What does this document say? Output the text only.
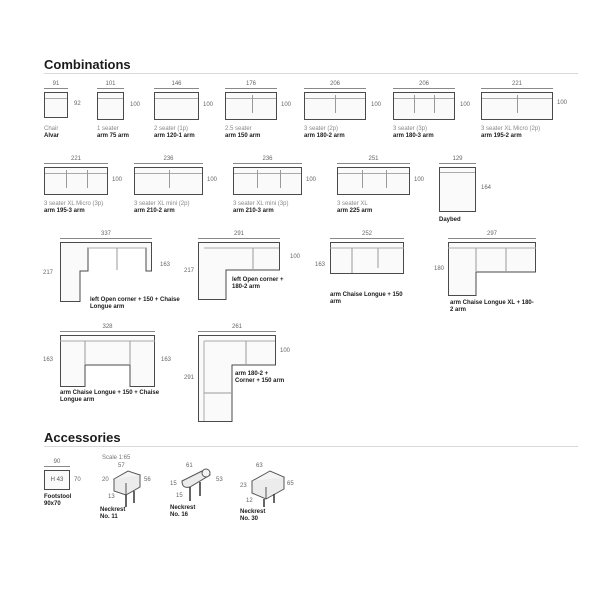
Combinations
91
92
Chair
Alvar
101
100
1 seater
arm 75 arm
146
100
2 seater (1p)
arm 120-1 arm
176
100
2.5 seater
arm 150 arm
206
100
3 seater (2p)
arm 180-2 arm
206
100
3 seater (3p)
arm 180-3 arm
221
100
3 seater XL Micro (2p)
arm 195-2 arm
221
100
3 seater XL Micro (3p)
arm 195-3 arm
236
100
3 seater XL mini (2p)
arm 210-2 arm
236
100
3 seater XL mini (3p)
arm 210-3 arm
251
100
3 seater XL
arm 225 arm
129
164
Daybed
337
217
163
left Open corner + 150 + Chaise Longue arm
291
217
100
left Open corner + 180-2 arm
252
163
arm Chaise Longue + 150 arm
297
180
arm Chaise Longue XL + 180-2 arm
328
163	163
arm Chaise Longue + 150 + Chaise Longue arm
261
291
100
arm 180-2 + Corner + 150 arm
Accessories
Scale 1:65
90
H 43 70
Footstool
90x70
57
20	56
13
Neckrest
No. 11
61
15
53
15
Neckrest
No. 16
63
23	65
12
Neckrest
No. 30
